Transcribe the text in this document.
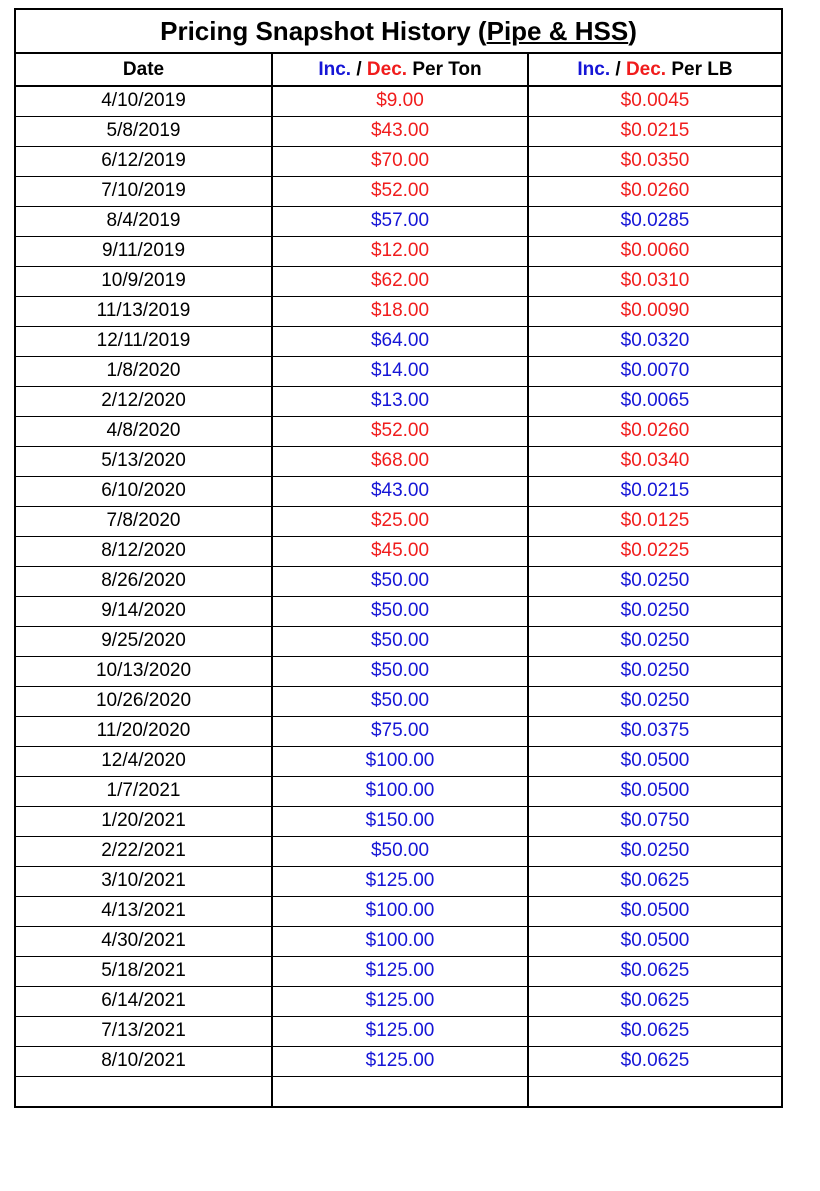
Pricing Snapshot History ( Pipe & HSS )
Date	Inc. / Dec. Per Ton	Inc. / Dec. Per LB
4/10/2019	$9.00	$0.0045
5/8/2019	$43.00	$0.0215
6/12/2019	$70.00	$0.0350
7/10/2019	$52.00	$0.0260
8/4/2019	$57.00	$0.0285
9/11/2019	$12.00	$0.0060
10/9/2019	$62.00	$0.0310
11/13/2019	$18.00	$0.0090
12/11/2019	$64.00	$0.0320
1/8/2020	$14.00	$0.0070
2/12/2020	$13.00	$0.0065
4/8/2020	$52.00	$0.0260
5/13/2020	$68.00	$0.0340
6/10/2020	$43.00	$0.0215
7/8/2020	$25.00	$0.0125
8/12/2020	$45.00	$0.0225
8/26/2020	$50.00	$0.0250
9/14/2020	$50.00	$0.0250
9/25/2020	$50.00	$0.0250
10/13/2020	$50.00	$0.0250
10/26/2020	$50.00	$0.0250
11/20/2020	$75.00	$0.0375
12/4/2020	$100.00	$0.0500
1/7/2021	$100.00	$0.0500
1/20/2021	$150.00	$0.0750
2/22/2021	$50.00	$0.0250
3/10/2021	$125.00	$0.0625
4/13/2021	$100.00	$0.0500
4/30/2021	$100.00	$0.0500
5/18/2021	$125.00	$0.0625
6/14/2021	$125.00	$0.0625
7/13/2021	$125.00	$0.0625
8/10/2021	$125.00	$0.0625
